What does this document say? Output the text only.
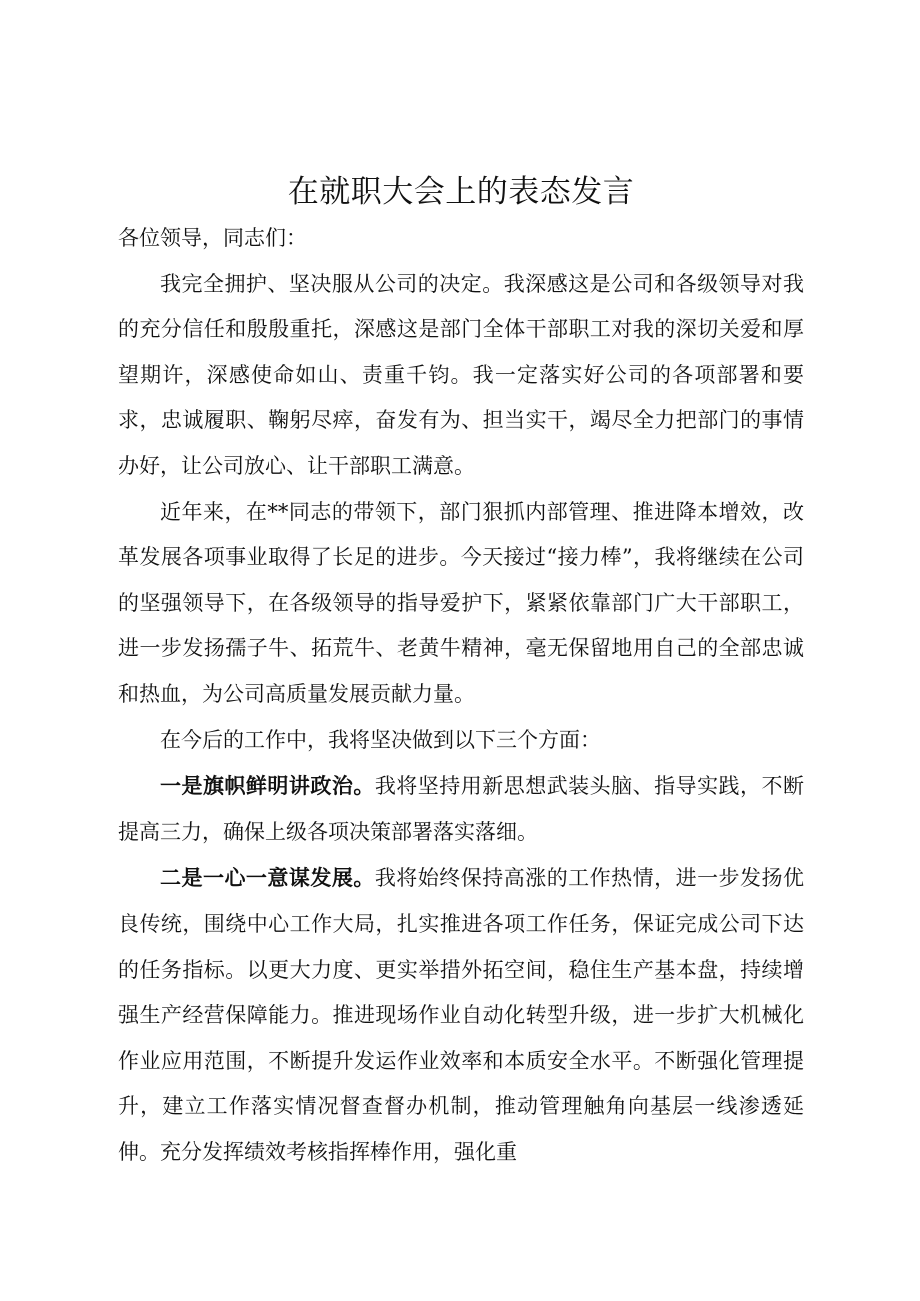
在就职大会上的表态发言

各位领导，同志们：

我完全拥护、坚决服从公司的决定。我深感这是公司和各级领导对我的充分信任和殷殷重托，深感这是部门全体干部职工对我的深切关爱和厚望期许，深感使命如山、责重千钧。我一定落实好公司的各项部署和要求，忠诚履职、鞠躬尽瘁，奋发有为、担当实干，竭尽全力把部门的事情办好，让公司放心、让干部职工满意。

近年来，在**同志的带领下，部门狠抓内部管理、推进降本增效，改革发展各项事业取得了长足的进步。今天接过“接力棒”，我将继续在公司的坚强领导下，在各级领导的指导爱护下，紧紧依靠部门广大干部职工，进一步发扬孺子牛、拓荒牛、老黄牛精神，毫无保留地用自己的全部忠诚和热血，为公司高质量发展贡献力量。

在今后的工作中，我将坚决做到以下三个方面：

一是旗帜鲜明讲政治。我将坚持用新思想武装头脑、指导实践，不断提高三力，确保上级各项决策部署落实落细。

二是一心一意谋发展。我将始终保持高涨的工作热情，进一步发扬优良传统，围绕中心工作大局，扎实推进各项工作任务，保证完成公司下达的任务指标。以更大力度、更实举措外拓空间，稳住生产基本盘，持续增强生产经营保障能力。推进现场作业自动化转型升级，进一步扩大机械化作业应用范围，不断提升发运作业效率和本质安全水平。不断强化管理提升，建立工作落实情况督查督办机制，推动管理触角向基层一线渗透延伸。充分发挥绩效考核指挥棒作用，强化重
